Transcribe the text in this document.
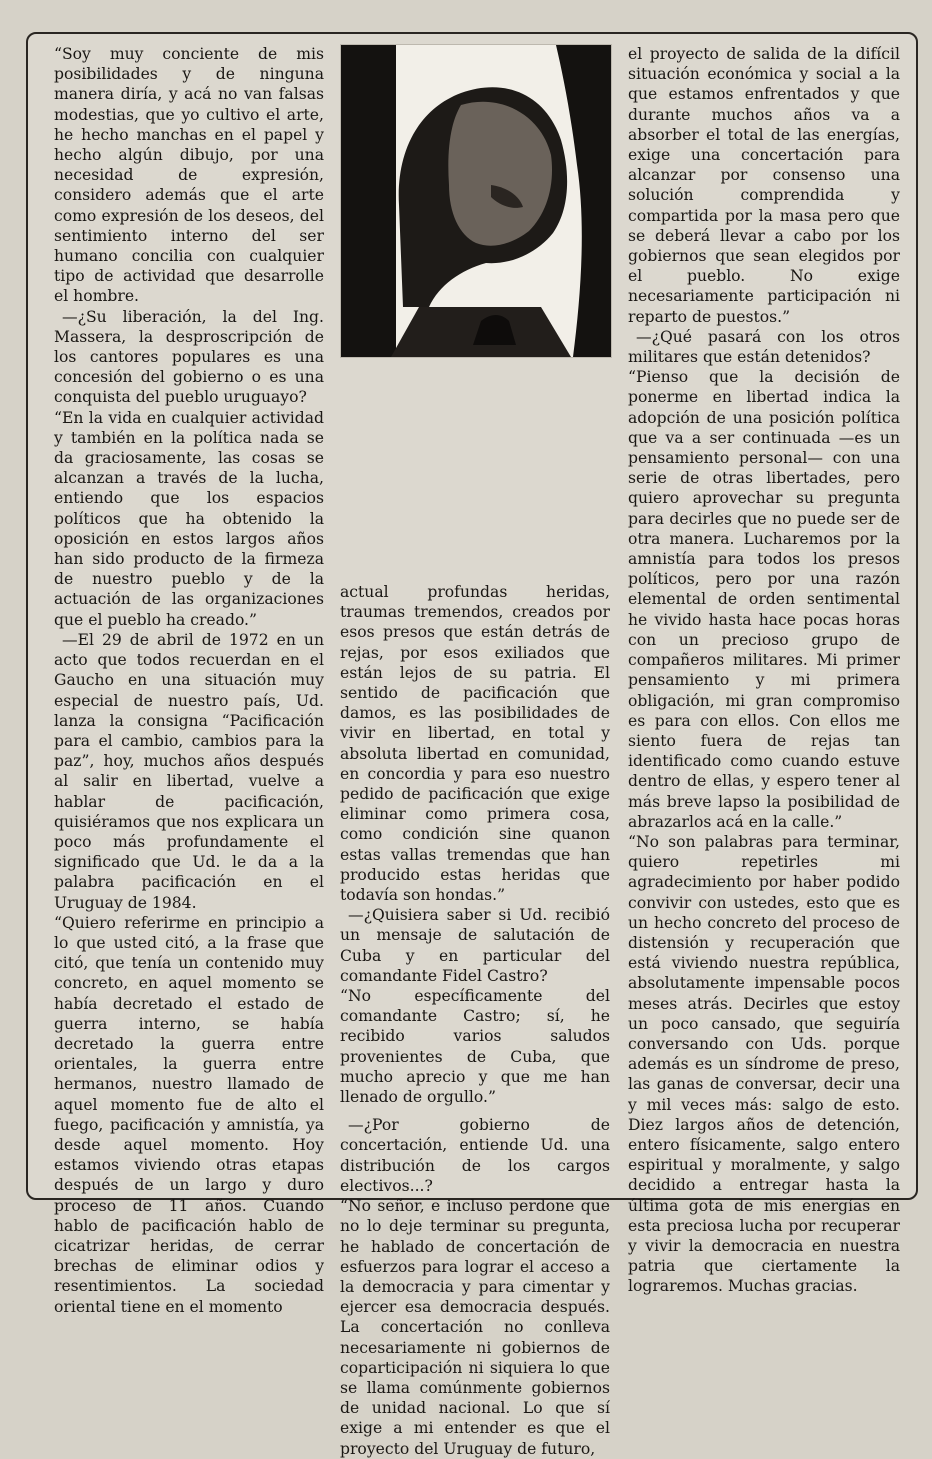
“Soy muy conciente de mis posibilidades y de ninguna manera diría, y acá no van falsas modestias, que yo cultivo el arte, he hecho manchas en el papel y hecho algún dibujo, por una necesidad de expresión, considero además que el arte como expresión de los deseos, del sentimiento interno del ser humano concilia con cualquier tipo de actividad que desarrolle el hombre.

—¿Su liberación, la del Ing. Massera, la desproscripción de los cantores populares es una concesión del gobierno o es una conquista del pueblo uruguayo?

“En la vida en cualquier actividad y también en la política nada se da graciosamente, las cosas se alcanzan a través de la lucha, entiendo que los espacios políticos que ha obtenido la oposición en estos largos años han sido producto de la firmeza de nuestro pueblo y de la actuación de las organizaciones que el pueblo ha creado.”

—El 29 de abril de 1972 en un acto que todos recuerdan en el Gaucho en una situación muy especial de nuestro país, Ud. lanza la consigna “Pacificación para el cambio, cambios para la paz”, hoy, muchos años después al salir en libertad, vuelve a hablar de pacificación, quisiéramos que nos explicara un poco más profundamente el significado que Ud. le da a la palabra pacificación en el Uruguay de 1984.

“Quiero referirme en principio a lo que usted citó, a la frase que citó, que tenía un contenido muy concreto, en aquel momento se había decretado el estado de guerra interno, se había decretado la guerra entre orientales, la guerra entre hermanos, nuestro llamado de aquel momento fue de alto el fuego, pacificación y amnistía, ya desde aquel momento. Hoy estamos viviendo otras etapas después de un largo y duro proceso de 11 años. Cuando hablo de pacificación hablo de cicatrizar heridas, de cerrar brechas de eliminar odios y resentimientos. La sociedad oriental tiene en el momento

actual profundas heridas, traumas tremendos, creados por esos presos que están detrás de rejas, por esos exiliados que están lejos de su patria. El sentido de pacificación que damos, es las posibilidades de vivir en libertad, en total y absoluta libertad en comunidad, en concordia y para eso nuestro pedido de pacificación que exige eliminar como primera cosa, como condición sine quanon estas vallas tremendas que han producido estas heridas que todavía son hondas.”

—¿Quisiera saber si Ud. recibió un mensaje de salutación de Cuba y en particular del comandante Fidel Castro?

“No específicamente del comandante Castro; sí, he recibido varios saludos provenientes de Cuba, que mucho aprecio y que me han llenado de orgullo.”

—¿Por gobierno de concertación, entiende Ud. una distribución de los cargos electivos...?

“No señor, e incluso perdone que no lo deje terminar su pregunta, he hablado de concertación de esfuerzos para lograr el acceso a la democracia y para cimentar y ejercer esa democracia después. La concertación no conlleva necesariamente ni gobiernos de coparticipación ni siquiera lo que se llama comúnmente gobiernos de unidad nacional. Lo que sí exige a mi entender es que el proyecto del Uruguay de futuro,

el proyecto de salida de la difícil situación económica y social a la que estamos enfrentados y que durante muchos años va a absorber el total de las energías, exige una concertación para alcanzar por consenso una solución comprendida y compartida por la masa pero que se deberá llevar a cabo por los gobiernos que sean elegidos por el pueblo. No exige necesariamente participación ni reparto de puestos.”

—¿Qué pasará con los otros militares que están detenidos?

“Pienso que la decisión de ponerme en libertad indica la adopción de una posición política que va a ser continuada —es un pensamiento personal— con una serie de otras libertades, pero quiero aprovechar su pregunta para decirles que no puede ser de otra manera. Lucharemos por la amnistía para todos los presos políticos, pero por una razón elemental de orden sentimental he vivido hasta hace pocas horas con un precioso grupo de compañeros militares. Mi primer pensamiento y mi primera obligación, mi gran compromiso es para con ellos. Con ellos me siento fuera de rejas tan identificado como cuando estuve dentro de ellas, y espero tener al más breve lapso la posibilidad de abrazarlos acá en la calle.”

“No son palabras para terminar, quiero repetirles mi agradecimiento por haber podido convivir con ustedes, esto que es un hecho concreto del proceso de distensión y recuperación que está viviendo nuestra república, absolutamente impensable pocos meses atrás. Decirles que estoy un poco cansado, que seguiría conversando con Uds. porque además es un síndrome de preso, las ganas de conversar, decir una y mil veces más: salgo de esto. Diez largos años de detención, entero físicamente, salgo entero espiritual y moralmente, y salgo decidido a entregar hasta la última gota de mis energías en esta preciosa lucha por recuperar y vivir la democracia en nuestra patria que ciertamente la lograremos. Muchas gracias.
